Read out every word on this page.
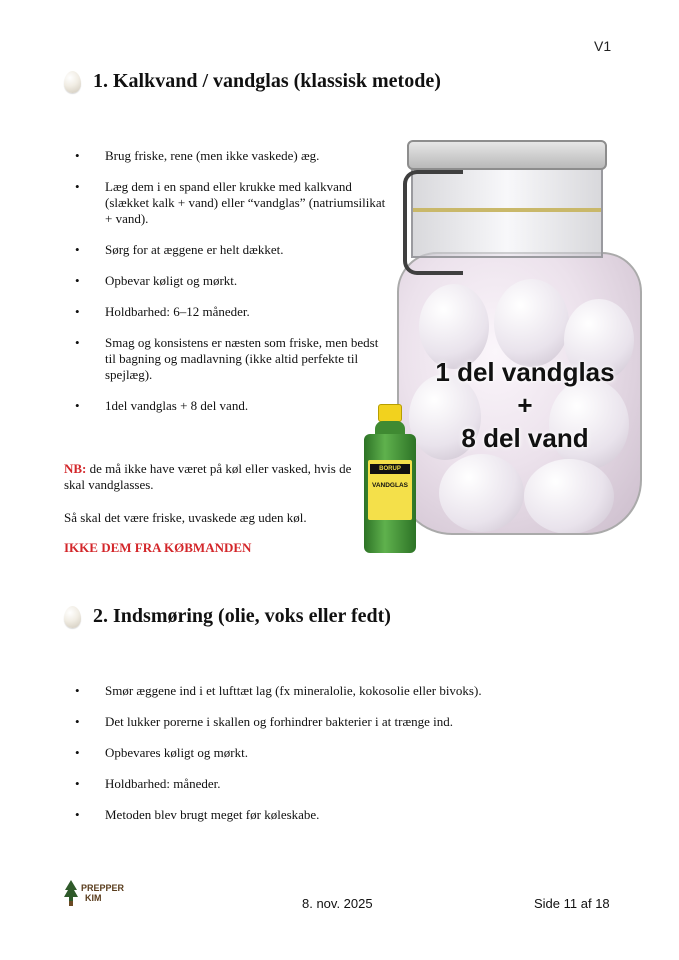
V1
1. Kalkvand / vandglas (klassisk metode)
• Brug friske, rene (men ikke vaskede) æg.
• Læg dem i en spand eller krukke med kalkvand (slækket kalk + vand) eller “vandglas” (natriumsilikat + vand).
• Sørg for at æggene er helt dækket.
• Opbevar køligt og mørkt.
• Holdbarhed: 6–12 måneder.
• Smag og konsistens er næsten som friske, men bedst til bagning og madlavning (ikke altid perfekte til spejlæg).
• 1del vandglas + 8 del vand.

NB: de må ikke have været på køl eller vasked, hvis de skal vandglasses.

Så skal det være friske, uvaskede æg uden køl.

IKKE DEM FRA KØBMANDEN

1 del vandglas
+
8 del vand
BORUP
VANDGLAS
2. Indsmøring (olie, voks eller fedt)
• Smør æggene ind i et lufttæt lag (fx mineralolie, kokosolie eller bivoks).
• Det lukker porerne i skallen og forhindrer bakterier i at trænge ind.
• Opbevares køligt og mørkt.
• Holdbarhed: måneder.
• Metoden blev brugt meget før køleskabe.
PREPPER
KIM	8. nov. 2025	Side 11 af 18
